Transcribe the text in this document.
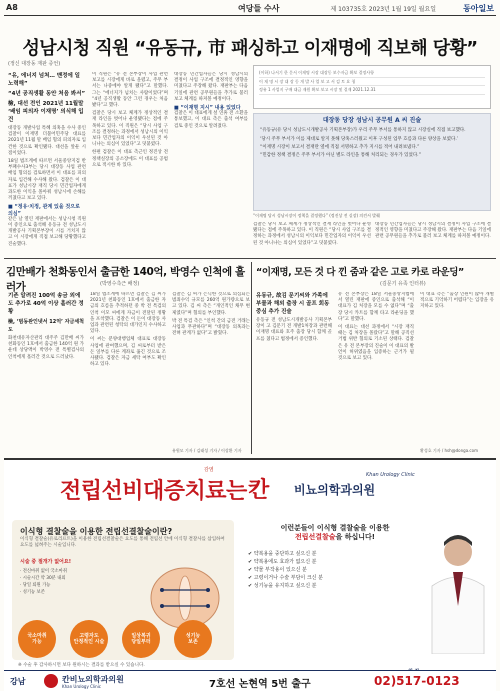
A8	여당들 수사	제 103735호 2023년 1월 19일 월요일	동아일보
성남시청 직원 “유동규, 市 패싱하고 이재명에 직보해 당황”
(정신 대장동 재판 증언)
“유, 에너지 넘쳐… 맨정에 일 노력해”
“4년 공직생활 동안 처음 봐서”
檢, 대선 전인 2021년 11월말 ‘배임 피의자 이재명’ 의식해 입건

대장동 개발사업 특혜 의혹을 수사 중인 검찰이 이재명 더불어민주당 대표를 2021년 11월 말 배임 혐의 피의자로 입건한 것으로 확인됐다. 대선을 앞둔 시점이었다.

18일 법조계에 따르면 서울중앙지검 반부패수사3부는 당시 대장동 사업 관련 배임 혐의를 검토하면서 이 대표를 피의자로 입건해 수사해 왔다. 검찰은 이 대표가 성남시장 재직 당시 민간업자에게 과도한 이익을 몰아줘 성남시에 손해를 끼쳤다고 보고 있다.

■ “정유·치정, 관계 있을 것으로 의심”

같은 날 열린 재판에서는 성남시청 직원이 증인으로 출석해 유동규 전 성남도시개발공사 기획본부장이 시를 거치지 않고 이 시장에게 직접 보고해 당황했다고 진술했다.

이 직원은 “유 전 본부장이 사업 관련 보고를 시장에게 바로 올렸고, 주무 부서는 나중에야 알게 됐다”고 말했다. 그는 “에너지가 넘치는 사람이었다”며 “4년 공직생활 동안 그런 경우는 처음 봤다”고 했다.

검찰은 당시 보고 체계가 정상적인 결재 라인을 벗어나 운영됐다는 점에 주목하고 있다. 이 직원은 “당시 사업 구조를 결정하는 과정에서 성남시의 이익보다 민간업자의 이익이 우선된 것 아니냐는 의심이 있었다”고 덧붙였다.

한편 검찰은 이 대표 측근인 정진상 전 정책실장의 공소장에도 이 대표를 공범으로 적시한 바 있다.

대장동 민간업자들은 당시 성남시의 결정이 사업 구조에 결정적인 영향을 미쳤다고 주장해 왔다. 재판부는 다음 기일에 관련 공무원들을 추가로 불러 보고 체계를 따져볼 예정이다.

■ “이재명 지시” 내용 있었다

검찰은 이 대표에게 설 연휴 전 소환을 통보했고, 이 대표 측은 출석 여부를 검토 중인 것으로 알려졌다.

(이하) 나서기 한 문서 이재명 시장 대장동 보수자금 확보 결정사항
이 재 명 시 장 대 장 동 개 발 사 업 보 고 서 검 토 요 청
정유 1 사업지 구매 대금 재원 확보 보고 시장 및 결재 2021.12.31
대장동 당장 성남시 공무원 A 씨 진술

“유동규(유 당시 성남도시개발공사 기획본부장)가 우리 주무 부서를 통하지 않고 시장실에 직접 보고했다.

‘당시 주무 부서가 이를 제대로 알지 못해 당혹스러웠고 이후 구성된 업무 흐름과 다른 양상을 보였다.’

“이재명 시장이 보고서 결재란 옆에 직접 서명하고 추가 지시를 적어 내려보냈다.”

“민감한 정책 결정은 주무 부서가 아닌 별도 라인을 통해 처리되는 경우가 있었다.”

“이재명 당시 성남시장이 정책을 결정했다” (정진상 전 실장) 의견서 발췌

검찰은 당시 보고 체계가 정상적인 결재 라인을 벗어나 운영됐다는 점에 주목하고 있다. 이 직원은 “당시 사업 구조를 결정하는 과정에서 성남시의 이익보다 민간업자의 이익이 우선된 것 아니냐는 의심이 있었다”고 덧붙였다.

대장동 민간업자들은 당시 성남시의 결정이 사업 구조에 결정적인 영향을 미쳤다고 주장해 왔다. 재판부는 다음 기일에 관련 공무원들을 추가로 불러 보고 체계를 따져볼 예정이다.

김만배가 천화동인서 출금한 140억, 박영수 인척에 흘러가	(박영수측근 배정)
기존 알려진 100억 송금 외에도 추가로 40억 이상 흘러간 정황
檢, ‘범동완인넷서 12억’ 자금세척도

화천대유자산관리 대주주 김만배 씨가 천화동인 1호에서 출금한 140억 원 가운데 상당액이 박영수 전 특별검사의 인척에게 흘러간 것으로 드러났다.

18일 법조계에 따르면 검찰은 김 씨가 2021년 천화동인 1호에서 출금한 자금의 흐름을 추적하던 중 박 전 특검의 인척 이모 씨에게 자금이 전달된 정황을 포착했다. 검찰은 이 돈이 대장동 사업과 관련된 청탁의 대가인지 수사하고 있다.

이 씨는 분양대행업체 대표로 대장동 사업에 관여했으며, 김 씨로부터 받은 돈 일부를 다른 계좌로 옮긴 것으로 조사됐다. 검찰은 자금 세탁 여부도 확인하고 있다.

검찰은 김 씨가 은닉한 것으로 의심되는 범죄수익 규모를 260억 원가량으로 보고 있다. 김 씨 측은 “개인적인 채무 변제였다”며 혐의를 부인했다.

박 전 특검 측은 “인척 간의 금전 거래는 사업과 무관하다”며 “대장동 의혹과는 전혀 관계가 없다”고 밝혔다.

유원모 기자 / 김태성 기자 / 이상환 기자
“이재명, 모든 것 다 낀 줌과 같은 고로 카로 라운딩”
(김문기 유족 인터뷰)
유동규, 故김 문기씨와 가족에 부물과 해외 출장 시 골프 회동 중심 추가 진술

유동규 전 성남도시개발공사 기획본부장이 고 김문기 전 개발1처장과 관련해 이재명 대표와 호주 출장 당시 함께 골프를 쳤다고 법정에서 증언했다.

유 전 본부장은 18일 서울중앙지법에서 열린 재판에 증인으로 출석해 “이 대표가 김 처장을 모를 수 없다”며 “출장 당시 카트를 함께 타고 라운딩을 했다”고 말했다.

이 대표는 대선 과정에서 “시장 재직 때는 김 처장을 몰랐다”고 말해 공직선거법 위반 혐의로 기소된 상태다. 검찰은 유 전 본부장의 진술이 이 대표의 발언이 허위였음을 입증하는 근거가 될 것으로 보고 있다.

이 대표 측은 “출장 인원이 많아 개별적으로 기억하기 어렵다”는 입장을 유지하고 있다.

황성호 기자 / hsh@donga.com
감염
전립선비대증치료는 칸 비뇨의학과의원
Khan Urology Clinic
이식형 결찰술을 이용한 전립선결찰술이란?
이식형 결찰술(유로리프트)을 이용한 전립선결찰술은 요도를 통해 전립선 안에 이식형 결찰사를 삽입하여 요도를 넓혀주는 시술입니다.
시술 중 절개가 없어요!
· 전신마취 없이 국소마취
· 시술시간 약 30분 내외
· 당일 퇴원 가능
· 성기능 보존
국소마취
가능
고령자도
안정적인 시술
일상복귀
당일부터
성기능
보존
※ 수술 후 감사하시면 보다 원하시는 결과를 받으실 수 있습니다.
이런분들이 이식형 결찰술을 이용한
전립선결찰술을 하십니다!
✔ 약복용을 중단하고 싶으신 분
✔ 약복용에도 효과가 없으신 분
✔ 약물 부작용이 있으신 분
✔ 고령이거나 수술 부담이 크신 분
✔ 성기능을 유지하고 싶으신 분
강남	칸비뇨의학과의원
Khan Urology Clinic	7호선 논현역 5번 출구	02)517-0123
